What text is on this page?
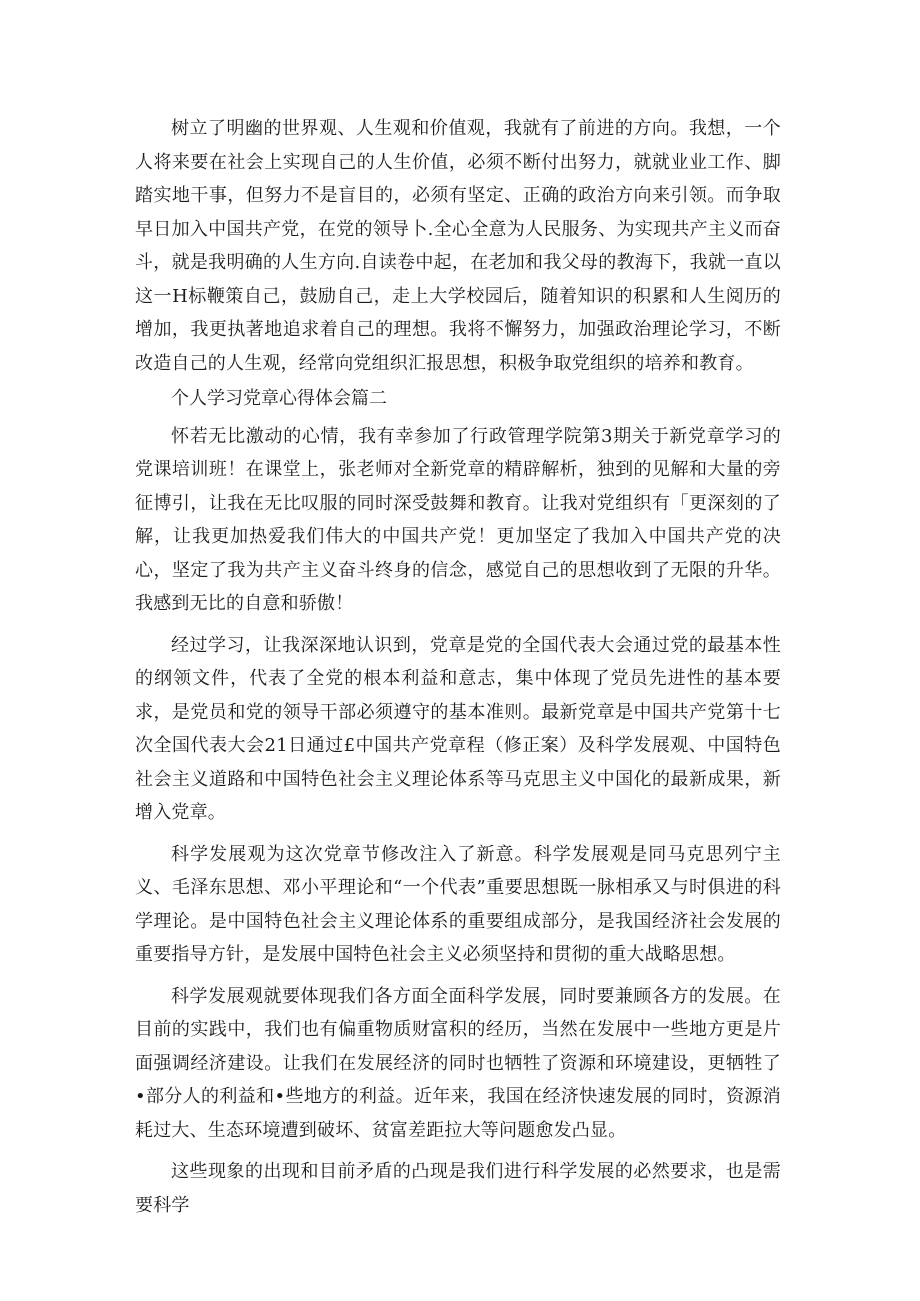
树立了明幽的世界观、人生观和价值观，我就有了前进的方向。我想，一个人将来要在社会上实现自己的人生价值，必须不断付出努力，就就业业工作、脚踏实地干事，但努力不是盲目的，必须有坚定、正确的政治方向来引领。而争取早日加入中国共产党，在党的领导卜.全心全意为人民服务、为实现共产主义而奋斗，就是我明确的人生方向.自读卷中起，在老加和我父母的教海下，我就一直以这一H标鞭策自己，鼓励自己，走上大学校园后，随着知识的积累和人生阅历的增加，我更执著地追求着自己的理想。我将不懈努力，加强政治理论学习，不断改造自己的人生观，经常向党组织汇报思想，积极争取党组织的培养和教育。

个人学习党章心得体会篇二

怀若无比激动的心情，我有幸参加了行政管理学院第3期关于新党章学习的党课培训班！在课堂上，张老师对全新党章的精辟解析，独到的见解和大量的旁征博引，让我在无比叹服的同时深受鼓舞和教育。让我对党组织有「更深刻的了解，让我更加热爱我们伟大的中国共产党！更加坚定了我加入中国共产党的决心，坚定了我为共产主义奋斗终身的信念，感觉自己的思想收到了无限的升华。我感到无比的自意和骄傲！

经过学习，让我深深地认识到，党章是党的全国代表大会通过党的最基本性的纲领文件，代表了全党的根本利益和意志，集中体现了党员先进性的基本要求，是党员和党的领导干部必须遵守的基本准则。最新党章是中国共产党第十七次全国代表大会21日通过£中国共产党章程（修正案）及科学发展观、中国特色社会主义道路和中国特色社会主义理论体系等马克思主义中国化的最新成果，新增入党章。

科学发展观为这次党章节修改注入了新意。科学发展观是同马克思列宁主义、毛泽东思想、邓小平理论和“一个代表”重要思想既一脉相承又与时俱进的科学理论。是中国特色社会主义理论体系的重要组成部分，是我国经济社会发展的重要指导方针，是发展中国特色社会主义必须坚持和贯彻的重大战略思想。

科学发展观就要体现我们各方面全面科学发展，同时要兼顾各方的发展。在目前的实践中，我们也有偏重物质财富积的经历，当然在发展中一些地方更是片面强调经济建设。让我们在发展经济的同时也牺牲了资源和环境建设，更牺牲了•部分人的利益和•些地方的利益。近年来，我国在经济快速发展的同时，资源消耗过大、生态环境遭到破坏、贫富差距拉大等问题愈发凸显。

这些现象的出现和目前矛盾的凸现是我们进行科学发展的必然要求，也是需要科学
